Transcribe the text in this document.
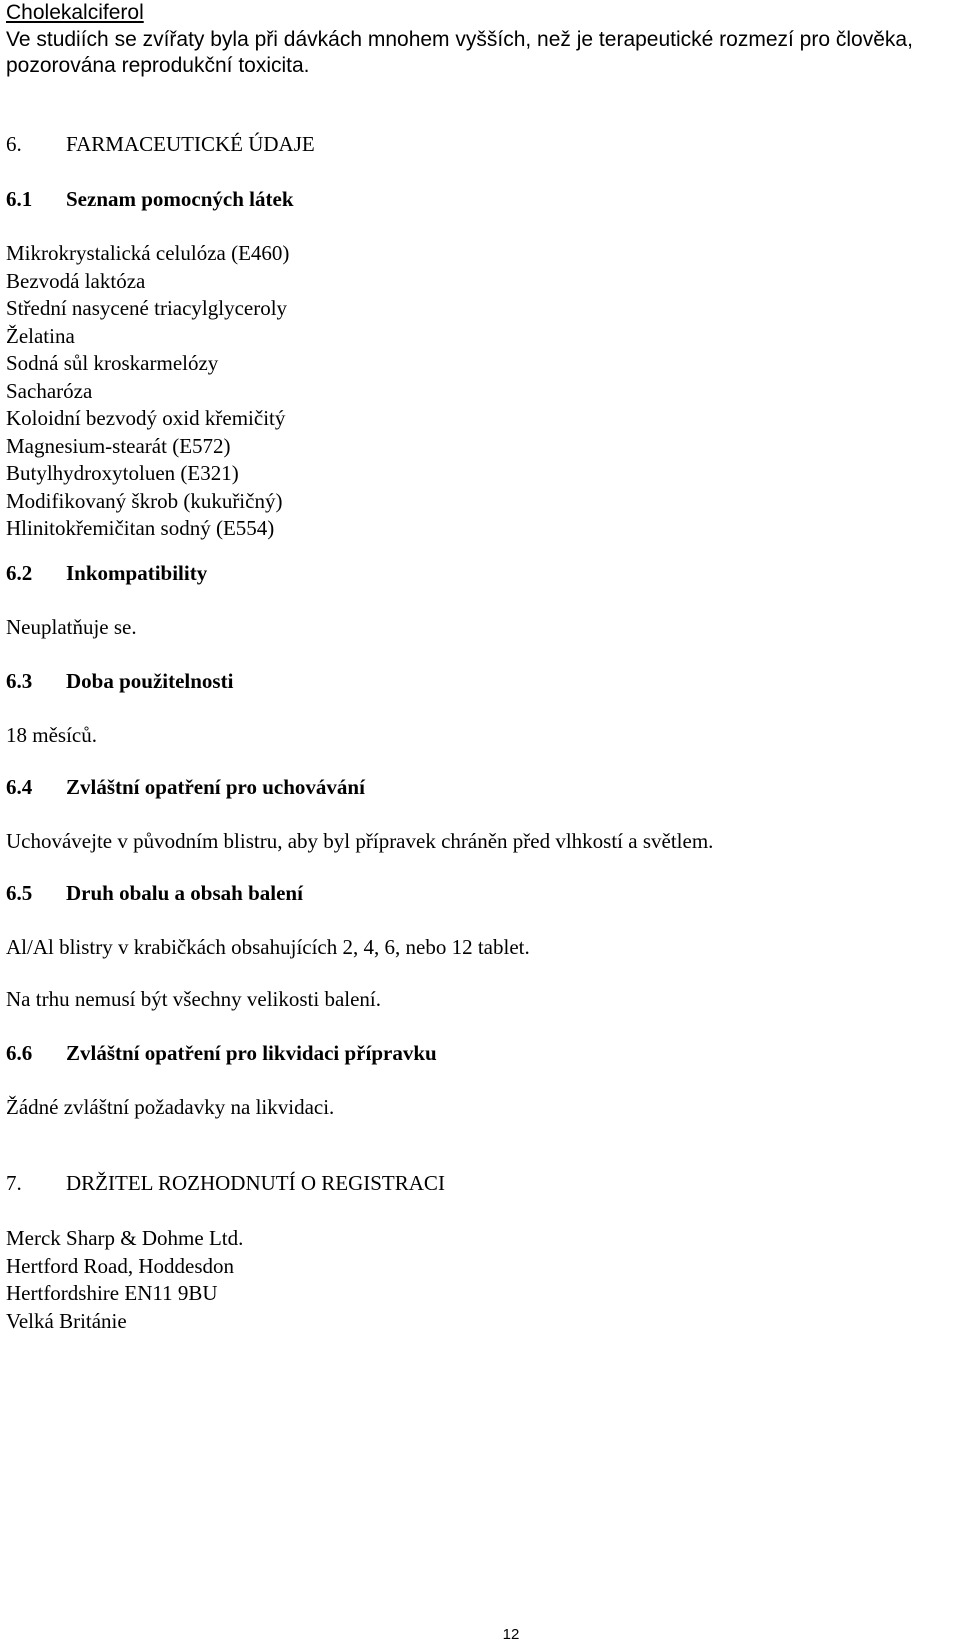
Cholekalciferol
Ve studiích se zvířaty byla při dávkách mnohem vyšších, než je terapeutické rozmezí pro člověka,
pozorována reprodukční toxicita.
6. FARMACEUTICKÉ ÚDAJE
6.1 Seznam pomocných látek
Mikrokrystalická celulóza (E460)
Bezvodá laktóza
Střední nasycené triacylglyceroly
Želatina
Sodná sůl kroskarmelózy
Sacharóza
Koloidní bezvodý oxid křemičitý
Magnesium-stearát (E572)
Butylhydroxytoluen (E321)
Modifikovaný škrob (kukuřičný)
Hlinitokřemičitan sodný (E554)
6.2 Inkompatibility
Neuplatňuje se.
6.3 Doba použitelnosti
18 měsíců.
6.4 Zvláštní opatření pro uchovávání
Uchovávejte v původním blistru, aby byl přípravek chráněn před vlhkostí a světlem.
6.5 Druh obalu a obsah balení
Al/Al blistry v krabičkách obsahujících 2, 4, 6, nebo 12 tablet.
Na trhu nemusí být všechny velikosti balení.
6.6 Zvláštní opatření pro likvidaci přípravku
Žádné zvláštní požadavky na likvidaci.
7. DRŽITEL ROZHODNUTÍ O REGISTRACI
Merck Sharp & Dohme Ltd.
Hertford Road, Hoddesdon
Hertfordshire EN11 9BU
Velká Británie
12
